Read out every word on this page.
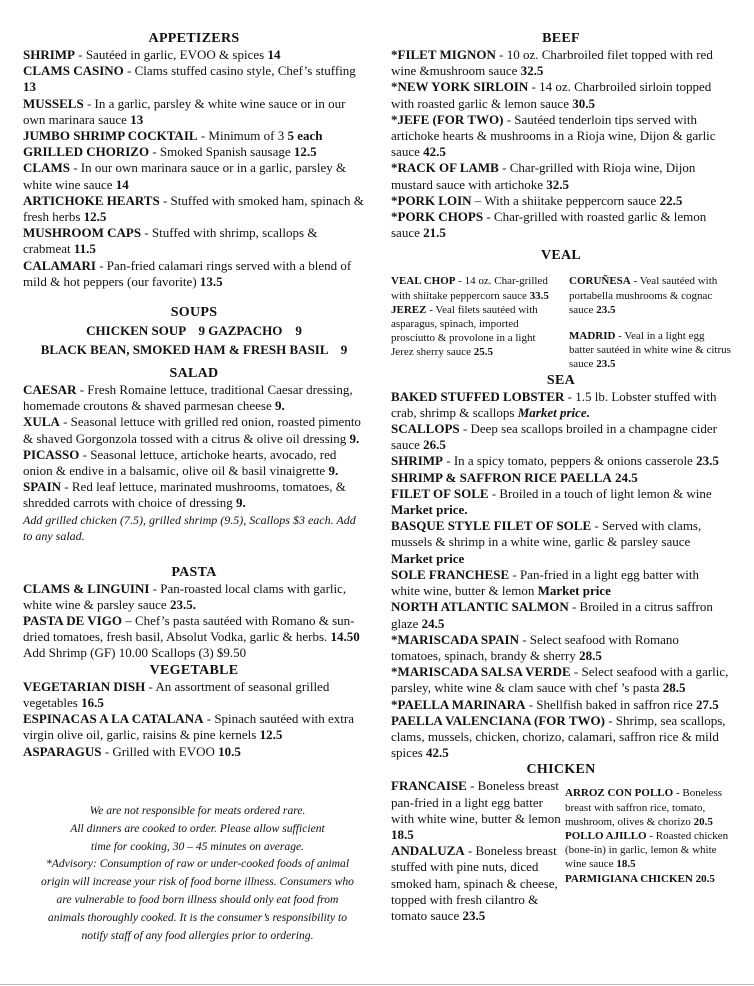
APPETIZERS

SHRIMP - Sautéed in garlic, EVOO & spices 14

CLAMS CASINO - Clams stuffed casino style, Chef’s stuffing 13

MUSSELS - In a garlic, parsley & white wine sauce or in our own marinara sauce 13

JUMBO SHRIMP COCKTAIL - Minimum of 3 5 each

GRILLED CHORIZO - Smoked Spanish sausage 12.5

CLAMS - In our own marinara sauce or in a garlic, parsley & white wine sauce 14

ARTICHOKE HEARTS - Stuffed with smoked ham, spinach & fresh herbs 12.5

MUSHROOM CAPS - Stuffed with shrimp, scallops & crabmeat 11.5

CALAMARI - Pan-fried calamari rings served with a blend of mild & hot peppers (our favorite) 13.5

SOUPS
CHICKEN SOUP    9 GAZPACHO    9
BLACK BEAN, SMOKED HAM & FRESH BASIL    9
SALAD

CAESAR - Fresh Romaine lettuce, traditional Caesar dressing, homemade croutons & shaved parmesan cheese 9.

XULA - Seasonal lettuce with grilled red onion, roasted pimento & shaved Gorgonzola tossed with a citrus & olive oil dressing 9.

PICASSO - Seasonal lettuce, artichoke hearts, avocado, red onion & endive in a balsamic, olive oil & basil vinaigrette 9.

SPAIN - Red leaf lettuce, marinated mushrooms, tomatoes, & shredded carrots with choice of dressing 9.

Add grilled chicken (7.5), grilled shrimp (9.5), Scallops $3 each. Add to any salad.

PASTA

CLAMS & LINGUINI - Pan-roasted local clams with garlic, white wine & parsley sauce 23.5.

PASTA DE VIGO – Chef’s pasta sautéed with Romano & sun-dried tomatoes, fresh basil, Absolut Vodka, garlic & herbs. 14.50 Add Shrimp (GF) 10.00 Scallops (3) $9.50

VEGETABLE

VEGETARIAN DISH - An assortment of seasonal grilled vegetables 16.5

ESPINACAS A LA CATALANA - Spinach sautéed with extra virgin olive oil, garlic, raisins & pine kernels 12.5

ASPARAGUS - Grilled with EVOO 10.5

We are not responsible for meats ordered rare.
All dinners are cooked to order. Please allow sufficient
time for cooking, 30 – 45 minutes on average.
*Advisory: Consumption of raw or under-cooked foods of animal
origin will increase your risk of food borne illness. Consumers who
are vulnerable to food born illness should only eat food from
animals thoroughly cooked. It is the consumer’s responsibility to
notify staff of any food allergies prior to ordering.
BEEF

*FILET MIGNON - 10 oz. Charbroiled filet topped with red wine &mushroom sauce 32.5

*NEW YORK SIRLOIN - 14 oz. Charbroiled sirloin topped with roasted garlic & lemon sauce 30.5

*JEFE (FOR TWO) - Sautéed tenderloin tips served with artichoke hearts & mushrooms in a Rioja wine, Dijon & garlic sauce 42.5

*RACK OF LAMB - Char-grilled with Rioja wine, Dijon mustard sauce with artichoke 32.5

*PORK LOIN – With a shiitake peppercorn sauce 22.5

*PORK CHOPS - Char-grilled with roasted garlic & lemon sauce 21.5

VEAL

VEAL CHOP - 14 oz. Char-grilled with shiitake peppercorn sauce 33.5

JEREZ - Veal filets sautéed with asparagus, spinach, imported prosciutto & provolone in a light Jerez sherry sauce 25.5

CORUÑESA - Veal sautéed with portabella mushrooms & cognac sauce 23.5

MADRID - Veal in a light egg batter sautéed in white wine & citrus sauce 23.5

SEA

BAKED STUFFED LOBSTER - 1.5 lb. Lobster stuffed with crab, shrimp & scallops Market price.

SCALLOPS - Deep sea scallops broiled in a champagne cider sauce 26.5

SHRIMP - In a spicy tomato, peppers & onions casserole 23.5

SHRIMP & SAFFRON RICE PAELLA 24.5

FILET OF SOLE - Broiled in a touch of light lemon & wine Market price.

BASQUE STYLE FILET OF SOLE - Served with clams, mussels & shrimp in a white wine, garlic & parsley sauce Market price

SOLE FRANCHESE - Pan-fried in a light egg batter with white wine, butter & lemon Market price

NORTH ATLANTIC SALMON - Broiled in a citrus saffron glaze 24.5

*MARISCADA SPAIN - Select seafood with Romano tomatoes, spinach, brandy & sherry 28.5

*MARISCADA SALSA VERDE - Select seafood with a garlic, parsley, white wine & clam sauce with chef ’s pasta 28.5

*PAELLA MARINARA - Shellfish baked in saffron rice 27.5

PAELLA VALENCIANA (FOR TWO) - Shrimp, sea scallops, clams, mussels, chicken, chorizo, calamari, saffron rice & mild spices 42.5

CHICKEN

FRANCAISE - Boneless breast pan-fried in a light egg batter with white wine, butter & lemon 18.5

ANDALUZA - Boneless breast stuffed with pine nuts, diced smoked ham, spinach & cheese, topped with fresh cilantro & tomato sauce 23.5

ARROZ CON POLLO - Boneless breast with saffron rice, tomato, mushroom, olives & chorizo 20.5

POLLO AJILLO - Roasted chicken (bone-in) in garlic, lemon & white wine sauce 18.5

PARMIGIANA CHICKEN 20.5
